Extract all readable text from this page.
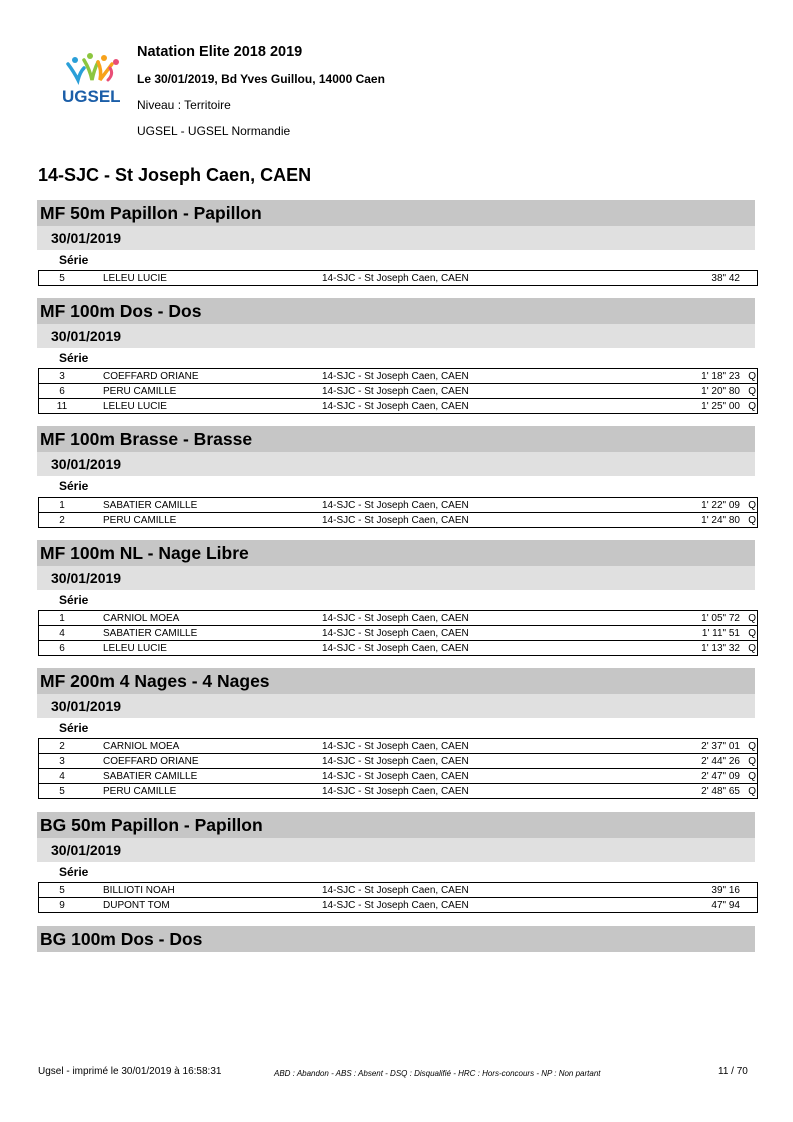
UGSEL
Natation Elite 2018 2019
Le 30/01/2019, Bd Yves Guillou, 14000 Caen
Niveau : Territoire
UGSEL - UGSEL Normandie
14-SJC - St Joseph Caen, CAEN
MF 50m Papillon - Papillon
30/01/2019
Série
5	LELEU LUCIE	14-SJC - St Joseph Caen, CAEN	38" 42	
MF 100m Dos - Dos
30/01/2019
Série
3	COEFFARD ORIANE	14-SJC - St Joseph Caen, CAEN	1' 18" 23	Q
6	PERU CAMILLE	14-SJC - St Joseph Caen, CAEN	1' 20" 80	Q
11	LELEU LUCIE	14-SJC - St Joseph Caen, CAEN	1' 25" 00	Q
MF 100m Brasse - Brasse
30/01/2019
Série
1	SABATIER CAMILLE	14-SJC - St Joseph Caen, CAEN	1' 22" 09	Q
2	PERU CAMILLE	14-SJC - St Joseph Caen, CAEN	1' 24" 80	Q
MF 100m NL - Nage Libre
30/01/2019
Série
1	CARNIOL MOEA	14-SJC - St Joseph Caen, CAEN	1' 05" 72	Q
4	SABATIER CAMILLE	14-SJC - St Joseph Caen, CAEN	1' 11" 51	Q
6	LELEU LUCIE	14-SJC - St Joseph Caen, CAEN	1' 13" 32	Q
MF 200m 4 Nages - 4 Nages
30/01/2019
Série
2	CARNIOL MOEA	14-SJC - St Joseph Caen, CAEN	2' 37" 01	Q
3	COEFFARD ORIANE	14-SJC - St Joseph Caen, CAEN	2' 44" 26	Q
4	SABATIER CAMILLE	14-SJC - St Joseph Caen, CAEN	2' 47" 09	Q
5	PERU CAMILLE	14-SJC - St Joseph Caen, CAEN	2' 48" 65	Q
BG 50m Papillon - Papillon
30/01/2019
Série
5	BILLIOTI NOAH	14-SJC - St Joseph Caen, CAEN	39" 16	
9	DUPONT TOM	14-SJC - St Joseph Caen, CAEN	47" 94	
BG 100m Dos - Dos
Ugsel - imprimé le 30/01/2019 à 16:58:31	ABD : Abandon - ABS : Absent - DSQ : Disqualifié - HRC : Hors-concours - NP : Non partant	11 / 70
